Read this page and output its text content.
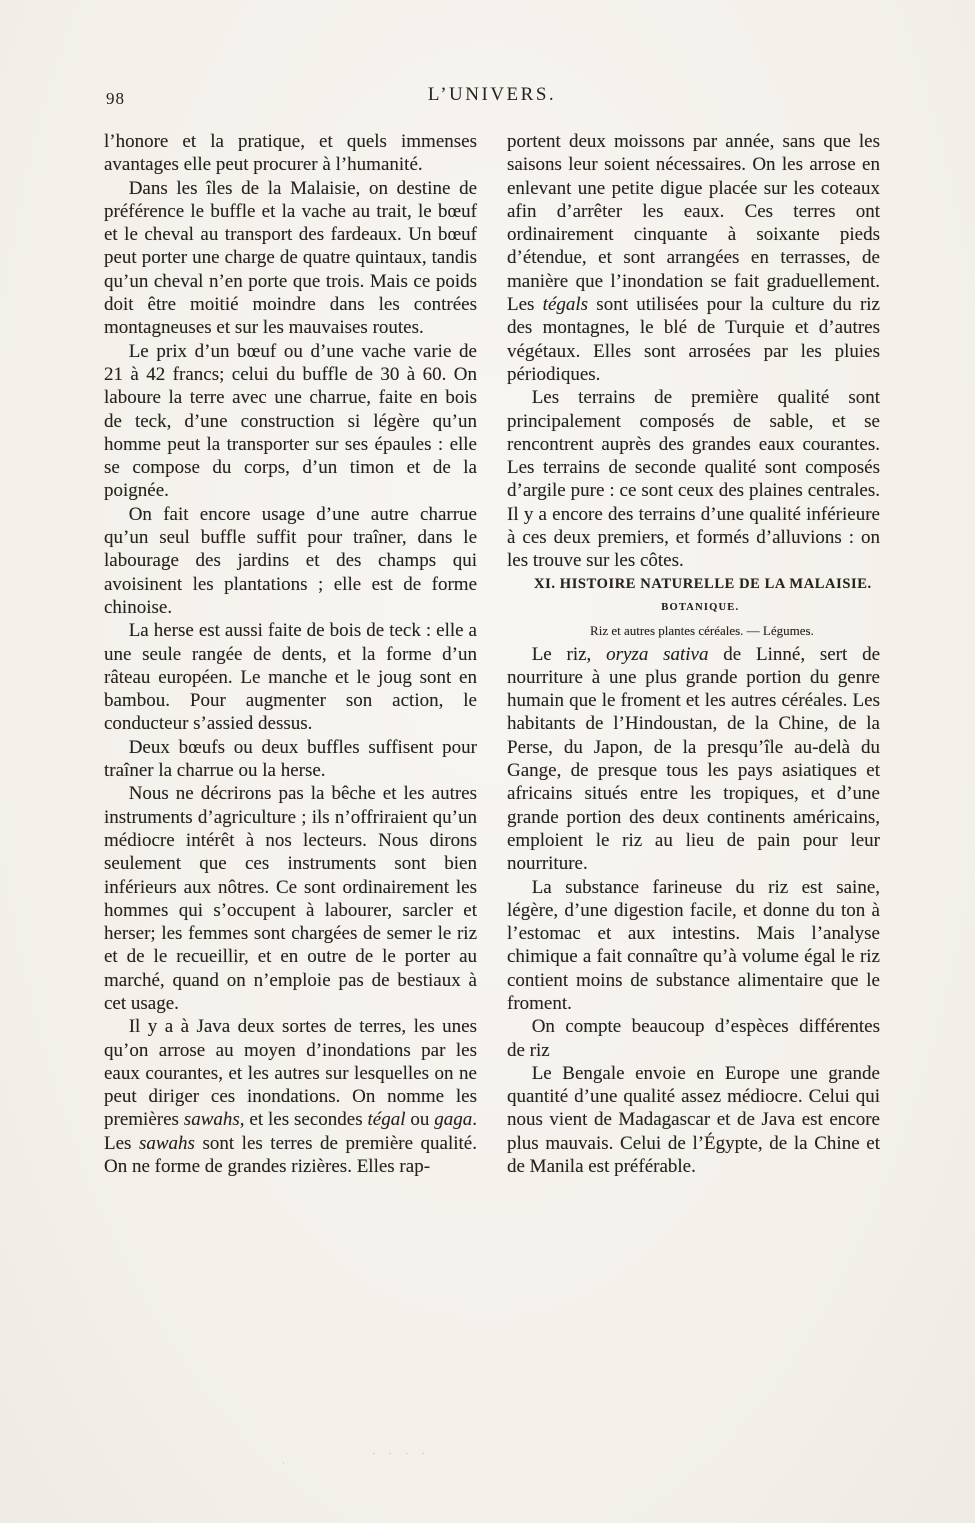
98	L’UNIVERS.

l’honore et la pratique, et quels immenses avantages elle peut procurer à l’humanité.

Dans les îles de la Malaisie, on destine de préférence le buffle et la vache au trait, le bœuf et le cheval au transport des fardeaux. Un bœuf peut porter une charge de quatre quintaux, tandis qu’un cheval n’en porte que trois. Mais ce poids doit être moitié moindre dans les contrées montagneuses et sur les mauvaises routes.

Le prix d’un bœuf ou d’une vache varie de 21 à 42 francs; celui du buffle de 30 à 60. On laboure la terre avec une charrue, faite en bois de teck, d’une construction si légère qu’un homme peut la transporter sur ses épaules : elle se compose du corps, d’un timon et de la poignée.

On fait encore usage d’une autre charrue qu’un seul buffle suffit pour traîner, dans le labourage des jardins et des champs qui avoisinent les plantations ; elle est de forme chinoise.

La herse est aussi faite de bois de teck : elle a une seule rangée de dents, et la forme d’un râteau européen. Le manche et le joug sont en bambou. Pour augmenter son action, le conducteur s’assied dessus.

Deux bœufs ou deux buffles suffisent pour traîner la charrue ou la herse.

Nous ne décrirons pas la bêche et les autres instruments d’agriculture ; ils n’offriraient qu’un médiocre intérêt à nos lecteurs. Nous dirons seulement que ces instruments sont bien inférieurs aux nôtres. Ce sont ordinairement les hommes qui s’occupent à labourer, sarcler et herser; les femmes sont chargées de semer le riz et de le recueillir, et en outre de le porter au marché, quand on n’emploie pas de bestiaux à cet usage.

Il y a à Java deux sortes de terres, les unes qu’on arrose au moyen d’inondations par les eaux courantes, et les autres sur lesquelles on ne peut diriger ces inondations. On nomme les premières sawahs, et les secondes tégal ou gaga. Les sawahs sont les terres de première qualité. On ne forme de grandes rizières. Elles rap-

portent deux moissons par année, sans que les saisons leur soient nécessaires. On les arrose en enlevant une petite digue placée sur les coteaux afin d’arrêter les eaux. Ces terres ont ordinairement cinquante à soixante pieds d’étendue, et sont arrangées en terrasses, de manière que l’inondation se fait graduellement. Les tégals sont utilisées pour la culture du riz des montagnes, le blé de Turquie et d’autres végétaux. Elles sont arrosées par les pluies périodiques.

Les terrains de première qualité sont principalement composés de sable, et se rencontrent auprès des grandes eaux courantes. Les terrains de seconde qualité sont composés d’argile pure : ce sont ceux des plaines centrales. Il y a encore des terrains d’une qualité inférieure à ces deux premiers, et formés d’alluvions : on les trouve sur les côtes.

XI. HISTOIRE NATURELLE DE LA MALAISIE.

BOTANIQUE.

Riz et autres plantes céréales. — Légumes.

Le riz, oryza sativa de Linné, sert de nourriture à une plus grande portion du genre humain que le froment et les autres céréales. Les habitants de l’Hindoustan, de la Chine, de la Perse, du Japon, de la presqu’île au-delà du Gange, de presque tous les pays asiatiques et africains situés entre les tropiques, et d’une grande portion des deux continents américains, emploient le riz au lieu de pain pour leur nourriture.

La substance farineuse du riz est saine, légère, d’une digestion facile, et donne du ton à l’estomac et aux intestins. Mais l’analyse chimique a fait connaître qu’à volume égal le riz contient moins de substance alimentaire que le froment.

On compte beaucoup d’espèces différentes de riz

Le Bengale envoie en Europe une grande quantité d’une qualité assez médiocre. Celui qui nous vient de Madagascar et de Java est encore plus mauvais. Celui de l’Égypte, de la Chine et de Manila est préférable.

· · · ·
·
